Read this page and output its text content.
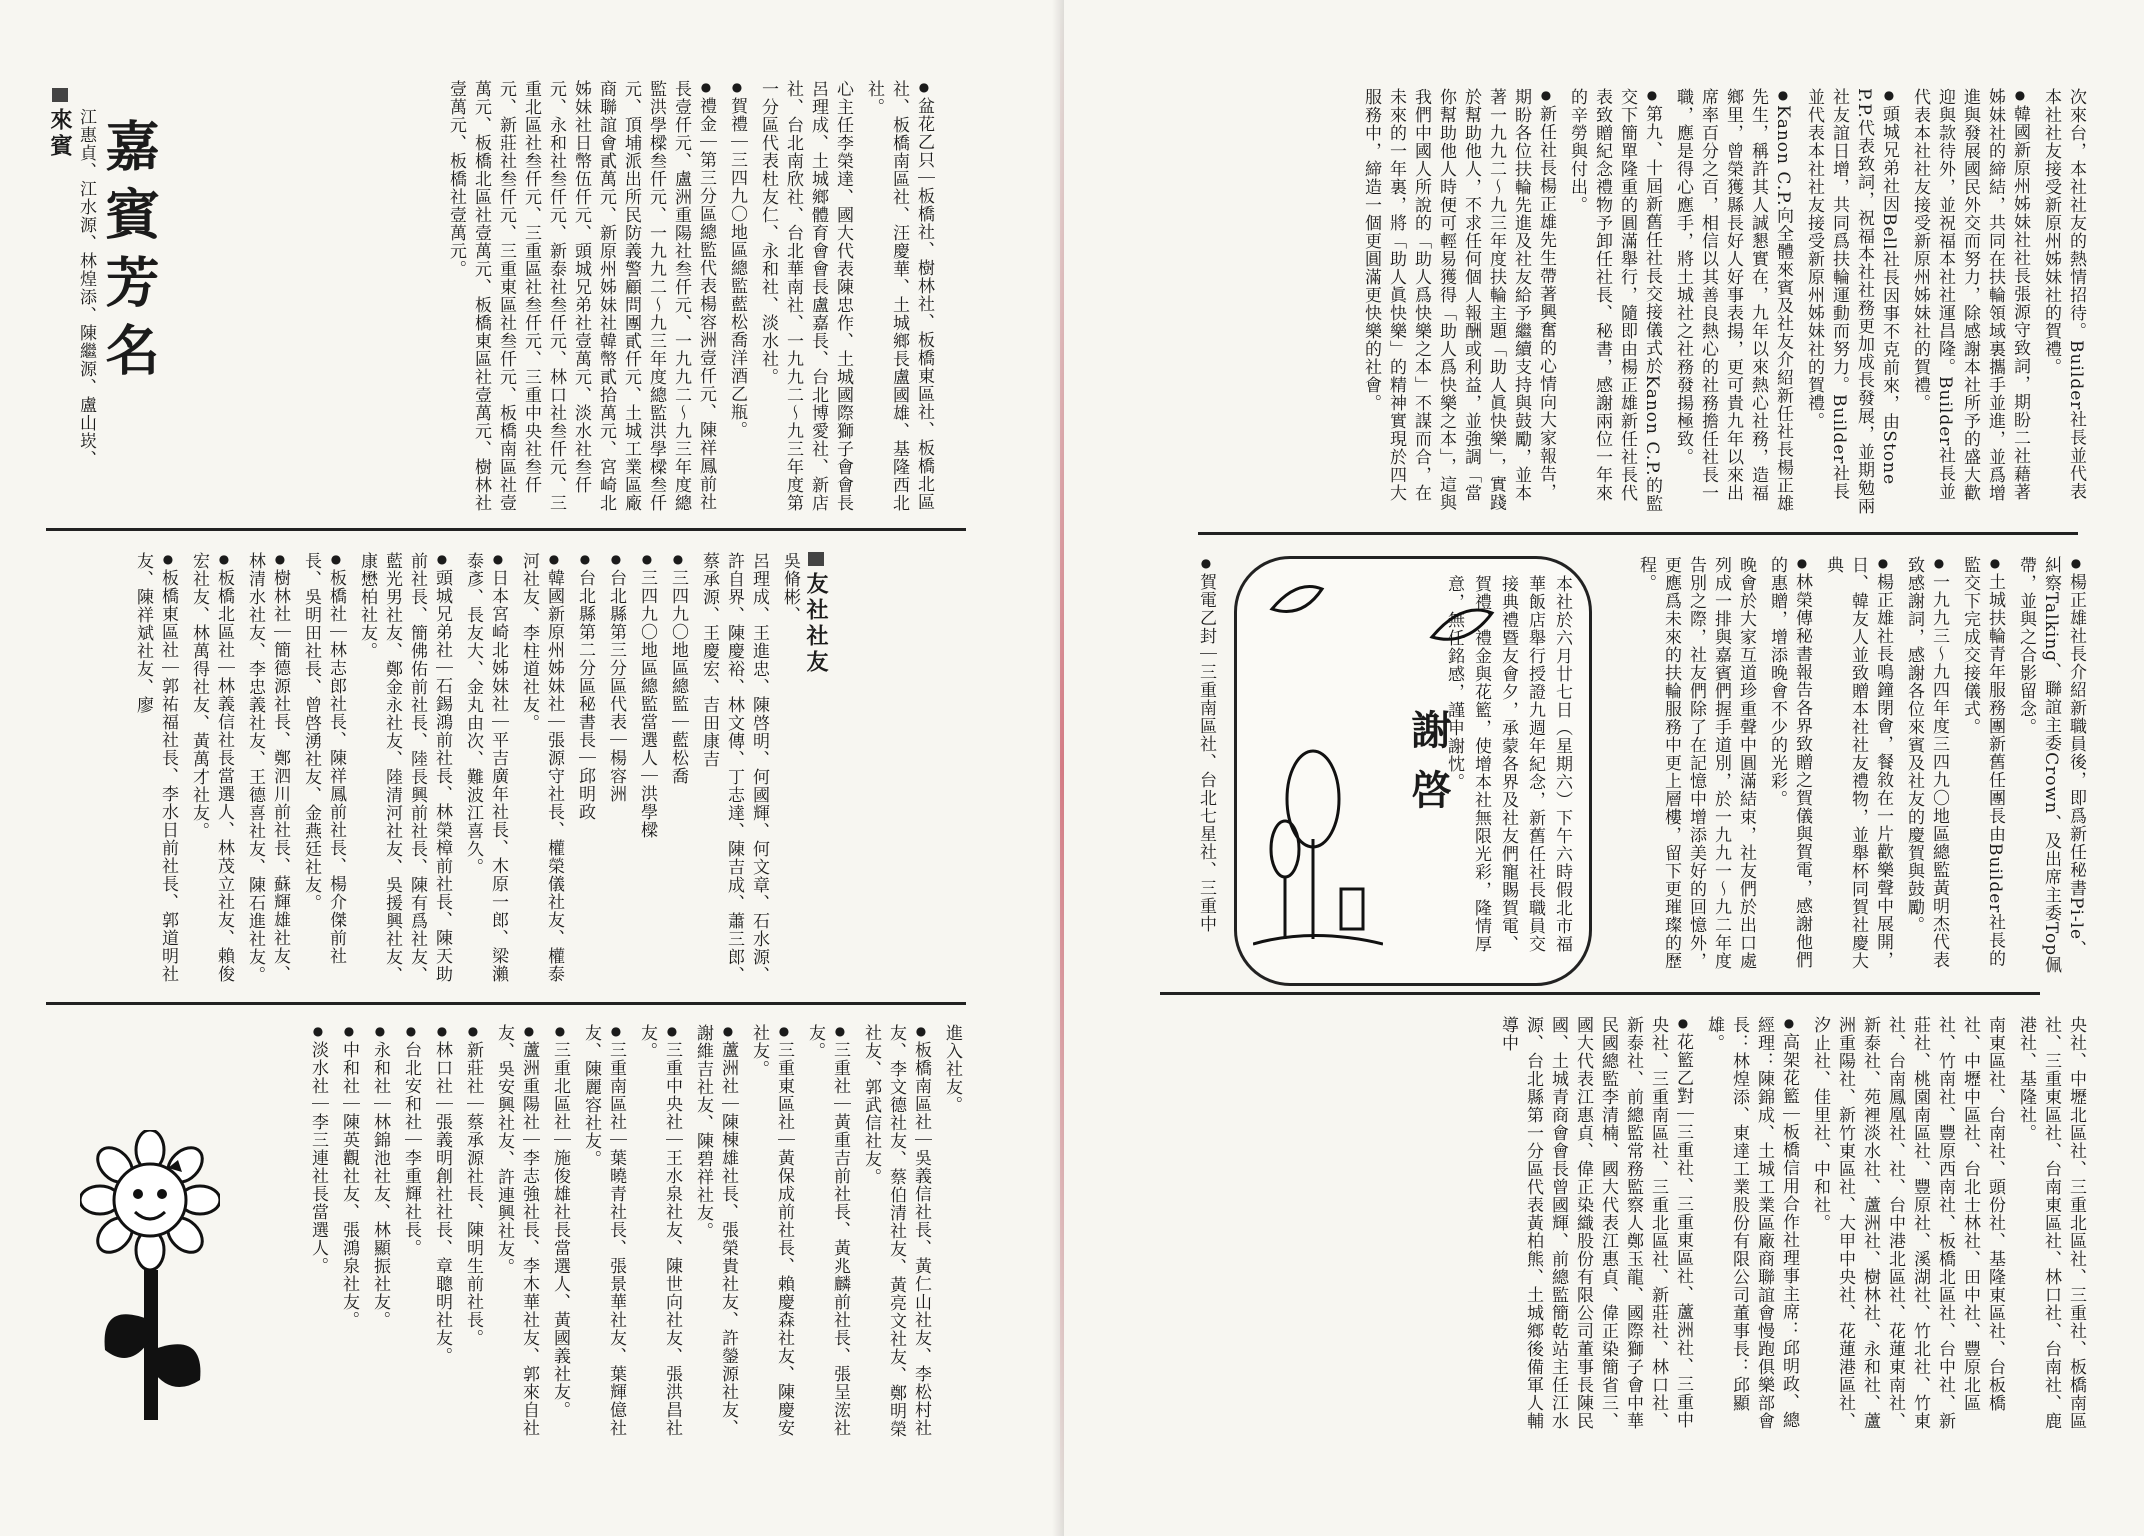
嘉賓芳名
來賓 江惠貞、江水源、林煌添、陳繼源、盧山崁、
●	盆花乙只｜板橋社、樹林社、板橋東區社、板橋北區社、板橋南區社、汪慶華、土城鄉長盧國雄、基隆西北社。
心主任李榮達、國大代表陳忠作、土城國際獅子會會長呂理成、土城鄉體育會會長盧嘉長、台北博愛社、新店社、台北南欣社、台北華南社、一九九二～九三年度第一分區代表杜友仁、永和社、淡水社。
● 賀禮｜三四九〇地區總監藍松喬洋酒乙瓶。
● 禮金｜第三分區總監代表楊容洲壹仟元、陳祥鳳前社長壹仟元、盧洲重陽社叁仟元、一九九二～九三年度總監洪學樑叁仟元、一九九二～九三年度總監洪學樑叁仟元、頂埔派出所民防義警顧問團貳仟元、土城工業區廠商聯誼會貳萬元、新原州姊妹社韓幣貳拾萬元、宮崎北姊妹社日幣伍仟元、頭城兄弟社壹萬元、淡水社叁仟元、永和社叁仟元、新泰社叁仟元、林口社叁仟元、三重北區社叁仟元、三重區社叁仟元、三重中央社叁仟元、新莊社叁仟元、三重東區社叁仟元、板橋南區社壹萬元、板橋北區社壹萬元、板橋東區社壹萬元、樹林社壹萬元、板橋社壹萬元。
友社社友
吳脩彬、
呂理成、王進忠、陳啓明、何國輝、何文章、石水源、許自界、陳慶裕、林文傳、丁志達、陳吉成、蕭三郎、蔡承源、王慶宏、吉田康吉
● 三四九〇地區總監｜藍松喬
● 三四九〇地區總監當選人｜洪學樑
● 台北縣第三分區代表｜楊容洲
● 台北縣第二分區秘書長｜邱明政
● 韓國新原州姊妹社｜張源守社長、權榮儀社友、權泰河社友、李柱道社友。
● 日本宮崎北姊妹社｜平吉廣年社長、木原一郎、梁瀨泰彥、長友大、金丸由次、難波江喜久。
● 頭城兄弟社｜石錫鴻前社長、林榮樟前社長、陳天助前社長、簡佛佑前社長、陸長興前社長、陳有爲社友、藍光男社友、鄭金永社友、陸清河社友、吳援興社友、康懋柏社友。
● 板橋社｜林志郎社長、陳祥鳳前社長、楊介傑前社長、吳明田社長、曾啓湧社友、金燕廷社友。
● 樹林社｜簡德源社長、鄭泗川前社長、蘇輝雄社友、林清水社友、李忠義社友、王德喜社友、陳石進社友。
● 板橋北區社｜林義信社長當選人、林茂立社友、賴俊宏社友、林萬得社友、黃萬才社友。
● 板橋東區社｜郭祐福社長、李水日前社長、郭道明社友、陳祥斌社友、廖
進入社友。
● 板橋南區社｜吳義信社長、黃仁山社友、李松村社友、李文德社友、蔡伯清社友、黃亮文社友、鄭明榮社友、郭武信社友。
● 三重社｜黃重吉前社長、黃兆麟前社長、張呈浤社友。
● 三重東區社｜黃保成前社長、賴慶森社友、陳慶安社友。
● 蘆洲社｜陳棟雄社長、張榮貴社友、許鎣源社友、謝維吉社友、陳碧祥社友。
● 三重中央社｜王水泉社友、陳世向社友、張洪昌社友。
● 三重南區社｜葉曉青社長、張景華社友、葉輝億社友、陳麗容社友。
● 三重北區社｜施俊雄社長當選人、黃國義社友。
● 蘆洲重陽社｜李志強社長、李木華社友、郭來自社友、吳安興社友、許連興社友。
● 新莊社｜蔡承源社長、陳明生前社長。
● 林口社｜張義明創社社長、章聰明社友。
● 台北安和社｜李重輝社長。
● 永和社｜林錦池社友、林顯振社友。
● 中和社｜陳英觀社友、張鴻泉社友。
● 淡水社｜李三連社長當選人。
次來台，本社社友的熱情招待。Builder社長並代表本社社友接受新原州姊妹社的賀禮。
● 韓國新原州姊妹社社長張源守致詞，期盼二社藉著姊妹社的締結，共同在扶輪領域裏攜手並進，並爲增進與發展國民外交而努力，除感謝本社所予的盛大歡迎與款待外，並祝福本社社運昌隆。Builder社長並代表本社社友接受新原州姊妹社的賀禮。
● 頭城兄弟社因Bell社長因事不克前來，由Stone P.P.代表致詞，祝福本社社務更加成長發展，並期勉兩社友誼日增，共同爲扶輪運動而努力。Builder社長並代表本社社友接受新原州姊妹社的賀禮。
● Kanon C.P.向全體來賓及社友介紹新任社長楊正雄先生，稱許其人誠懇實在，九年以來熱心社務，造福鄉里，曾榮獲縣長好人好事表揚，更可貴九年以來出席率百分之百，相信以其善良熱心的社務擔任社長一職，應是得心應手，將土城社之社務發揚極致。
● 第九、十屆新舊任社長交接儀式於Kanon C.P.的監交下簡單隆重的圓滿舉行，隨即由楊正雄新任社長代表致贈紀念禮物予卸任社長、秘書，感謝兩位一年來的辛勞與付出。
● 新任社長楊正雄先生帶著興奮的心情向大家報告，期盼各位扶輪先進及社友給予繼續支持與鼓勵，並本著一九九二～九三年度扶輪主題「助人眞快樂」，實踐於幫助他人，不求任何個人報酬或利益，並強調「當你幫助他人時便可輕易獲得「助人爲快樂之本」，這與我們中國人所說的「助人爲快樂之本」不謀而合，在未來的一年裏，將「助人眞快樂」的精神實現於四大服務中，締造一個更圓滿更快樂的社會。
● 楊正雄社長介紹新職員後，即爲新任秘書Pi-le、糾察Talking、聯誼主委Crown、及出席主委Top佩帶，並與之合影留念。
● 土城扶輪青年服務團新舊任團長由Builder社長的監交下完成交接儀式。
● 一九九三～九四年度三四九〇地區總監黃明杰代表致感謝詞，感謝各位來賓及社友的慶賀與鼓勵。
● 楊正雄社長鳴鐘閉會，餐敘在一片歡樂聲中展開，日、韓友人並致贈本社社友禮物，並舉杯同賀社慶大典
● 林榮傳秘書報告各界致贈之賀儀與賀電，感謝他們的惠贈，增添晚會不少的光彩。
晚會於大家互道珍重聲中圓滿結束，社友們於出口處列成一排與嘉賓們握手道別，於一九九一～九二年度告別之際，社友們除了在記憶中增添美好的回憶外，更應爲未來的扶輪服務中更上層樓，留下更璀璨的歷程。
● 賀電乙封｜三重南區社、台北七星社、三重中	謝啓	本社於六月廿七日（星期六）下午六時假北市福華飯店舉行授證九週年紀念，新舊任社長職員交接典禮暨友會夕，承蒙各界及社友們寵賜賀電、賀禮、禮金與花籃，使增本社無限光彩，隆情厚意，無任銘感，謹申謝忱。
央社、中壢北區社、三重北區社、三重社、板橋南區社、三重東區社、台南東區社、林口社、台南社、鹿港社、基隆社。
南東區社、台南社、頭份社、基隆東區社、台板橋社、中壢中區社、台北士林社、田中社、豐原北區社、竹南社、豐原西南社、板橋北區社、台中社、新莊社、桃園南區社、豐原社、溪湖社、竹北社、竹東社、台南鳳凰社、社、台中港北區社、花蓮東南社、新泰社、苑裡淡水社、蘆洲社、樹林社、永和社、蘆洲重陽社、新竹東區社、大甲中央社、花蓮港區社、汐止社、佳里社、中和社。
● 高架花籃｜板橋信用合作社理事主席：邱明政、總經理：陳錦成、土城工業區廠商聯誼會慢跑俱樂部會長：林煌添、東達工業股份有限公司董事長：邱顯雄。
● 花籃乙對｜三重社、三重東區社、蘆洲社、三重中央社、三重南區社、三重北區社、新莊社、林口社、新泰社、前總監常務監察人鄭玉龍、國際獅子會中華民國總監李清楠、國大代表江惠貞、偉正染簡省三、國大代表江惠貞、偉正染織股份有限公司董事長陳民國、土城青商會會長曾國輝、前總監簡乾站主任江水源、台北縣第一分區代表黃柏熊、土城鄉後備軍人輔導中
